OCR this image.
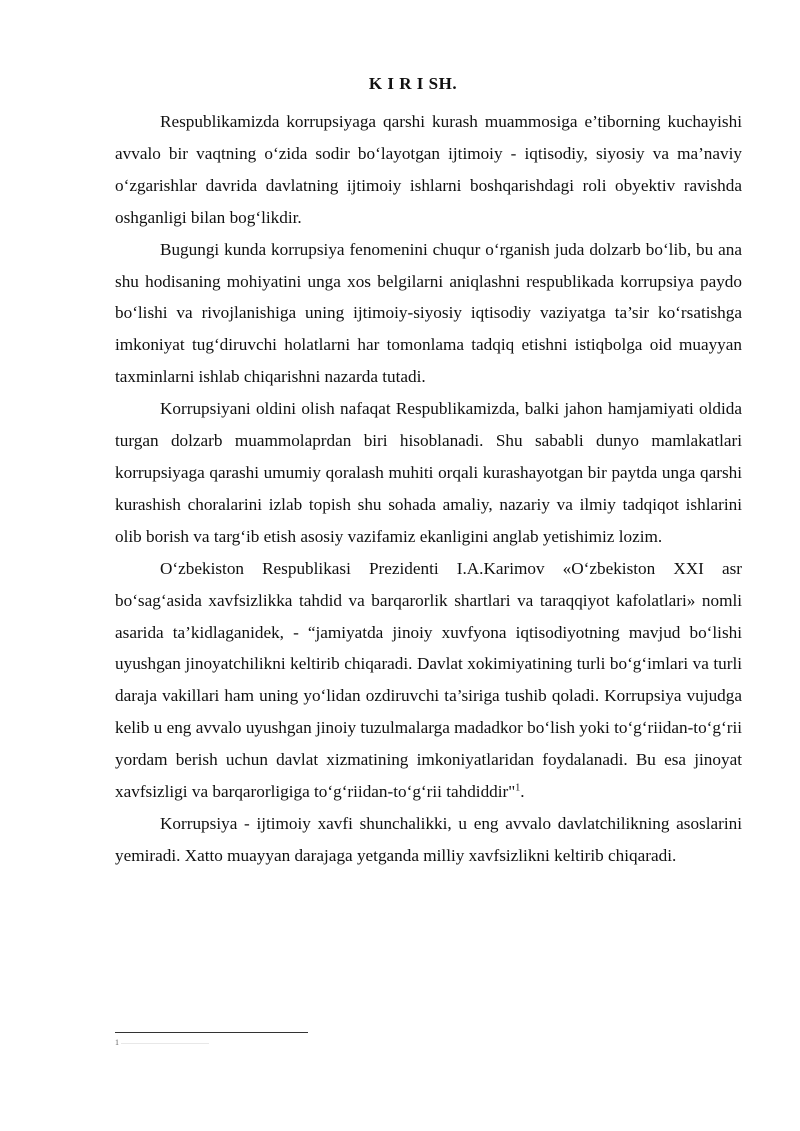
K I R I SH.

Respublikamizda korrupsiyaga qarshi kurash muammosiga e’tiborning kuchayishi avvalo bir vaqtning o‘zida sodir bo‘layotgan ijtimoiy - iqtisodiy, siyosiy va ma’naviy o‘zgarishlar davrida davlatning ijtimoiy ishlarni boshqarishdagi roli obyektiv ravishda oshganligi bilan bog‘likdir.

Bugungi kunda korrupsiya fenomenini chuqur o‘rganish juda dolzarb bo‘lib, bu ana shu hodisaning mohiyatini unga xos belgilarni aniqlashni respublikada korrupsiya paydo bo‘lishi va rivojlanishiga uning ijtimoiy-siyosiy iqtisodiy vaziyatga ta’sir ko‘rsatishga imkoniyat tug‘diruvchi holatlarni har tomonlama tadqiq etishni istiqbolga oid muayyan taxminlarni ishlab chiqarishni nazarda tutadi.

Korrupsiyani oldini olish nafaqat Respublikamizda, balki jahon hamjamiyati oldida turgan dolzarb muammolaprdan biri hisoblanadi. Shu sababli dunyo mamlakatlari korrupsiyaga qarashi umumiy qoralash muhiti orqali kurashayotgan bir paytda unga qarshi kurashish choralarini izlab topish shu sohada amaliy, nazariy va ilmiy tadqiqot ishlarini olib borish va targ‘ib etish asosiy vazifamiz ekanligini anglab yetishimiz lozim.

O‘zbekiston Respublikasi Prezidenti I.A.Karimov «O‘zbekiston XXI asr bo‘sag‘asida xavfsizlikka tahdid va barqarorlik shartlari va taraqqiyot kafolatlari» nomli asarida ta’kidlaganidek, - “jamiyatda jinoiy xuvfyona iqtisodiyotning mavjud bo‘lishi uyushgan jinoyatchilikni keltirib chiqaradi. Davlat xokimiyatining turli bo‘g‘imlari va turli daraja vakillari ham uning yo‘lidan ozdiruvchi ta’siriga tushib qoladi. Korrupsiya vujudga kelib u eng avvalo uyushgan jinoiy tuzulmalarga madadkor bo‘lish yoki to‘g‘riidan-to‘g‘rii yordam berish uchun davlat xizmatining imkoniyatlaridan foydalanadi. Bu esa jinoyat xavfsizligi va barqarorligiga to‘g‘riidan-to‘g‘rii tahdiddir"$^1$.

Korrupsiya - ijtimoiy xavfi shunchalikki, u eng avvalo davlatchilikning asoslarini yemiradi. Xatto muayyan darajaga yetganda milliy xavfsizlikni keltirib chiqaradi.

1
